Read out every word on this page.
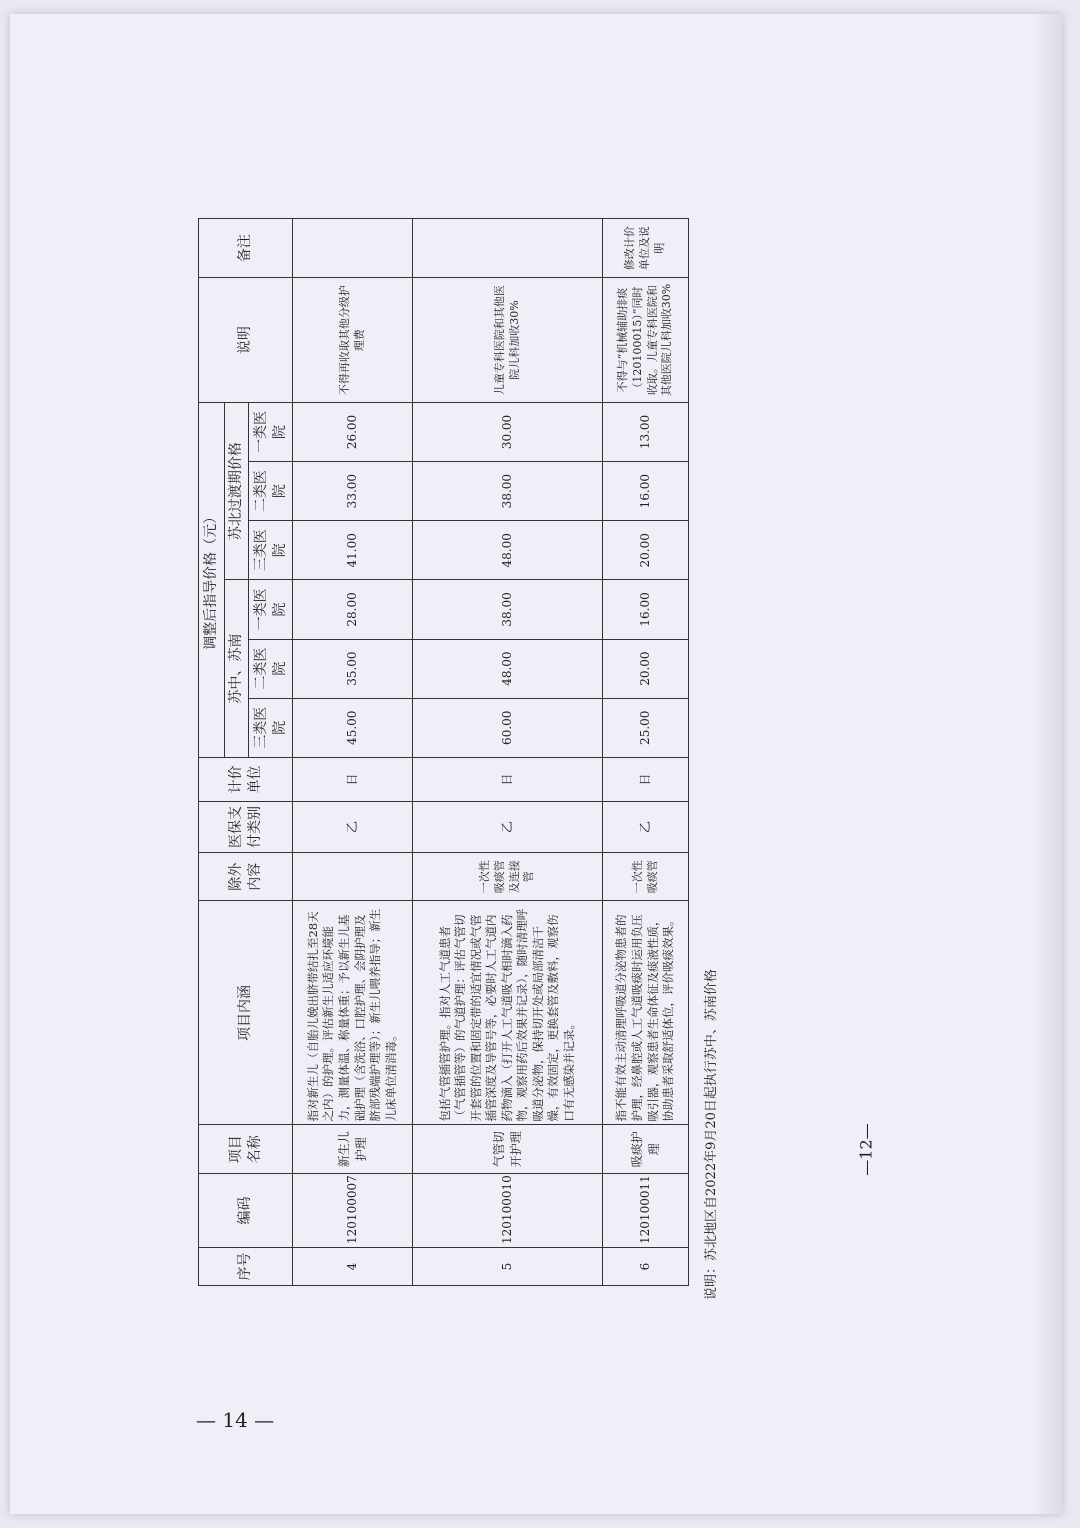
序号	编码	项目名称	项目内涵	除外内容	医保支付类别	计价单位	调整后指导价格（元）						说明	备注
							苏中、苏南			苏北过渡期价格				
							三类医院	二类医院	一类医院	三类医院	二类医院	一类医院		
4	120100007	新生儿护理	指对新生儿（自胎儿娩出脐带结扎至28天之内）的护理。评估新生儿适应环境能力，测量体温、称量体重；予以新生儿基础护理（含洗浴、口腔护理、会阴护理及脐部残端护理等）；新生儿喂养指导；新生儿床单位清消毒。		乙	日	45.00	35.00	28.00	41.00	33.00	26.00	不得再收取其他分级护理费	
5	120100010	气管切开护理	包括气管插管护理。指对人工气道患者（气管插管等）的气道护理：评估气管切开套管的位置和固定带的适宜情况或气管插管深度及导管号等，必要时人工气道内药物滴入（打开人工气道吸气相时滴入药物，观察用药后效果并记录），随时清理呼吸道分泌物，保持切开处或局部清洁干燥，有效固定，更换套管及敷料，观察伤口有无感染并记录。	一次性吸痰管及连接管	乙	日	60.00	48.00	38.00	48.00	38.00	30.00	儿童专科医院和其他医院儿科加收30%	
6	120100011	吸痰护理	指不能有效主动清理呼吸道分泌物患者的护理，经鼻腔或人工气道吸痰时运用负压吸引器，观察患者生命体征及痰液性质，协助患者采取舒适体位，评价吸痰效果。	一次性吸痰管	乙	日	25.00	20.00	16.00	20.00	16.00	13.00	不得与“机械辅助排痰（120100015）”同时收取。儿童专科医院和其他医院儿科加收30%	修改计价单位及说明
说明：苏北地区自2022年9月20日起执行苏中、苏南价格	—12—
— 14 —
